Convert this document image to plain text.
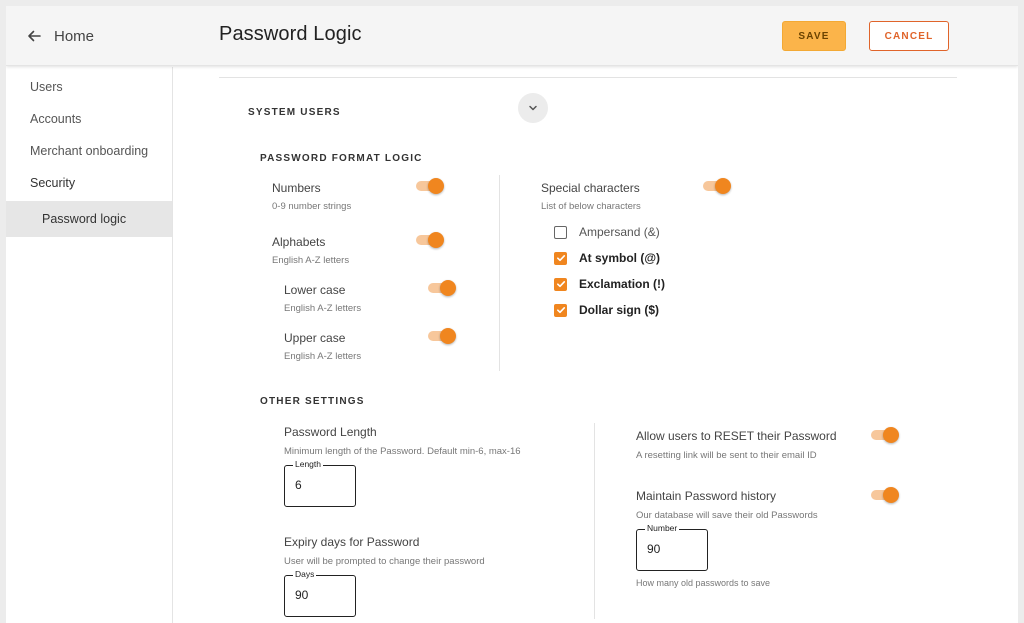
Home	Password Logic	SAVE	CANCEL
Users
Accounts
Merchant onboarding
Security
Password logic
SYSTEM USERS
PASSWORD FORMAT LOGIC
Numbers
0-9 number strings
Alphabets
English A-Z letters
Lower case
English A-Z letters
Upper case
English A-Z letters
Special characters
List of below characters
Ampersand (&)
At symbol (@)
Exclamation (!)
Dollar sign ($)
OTHER SETTINGS
Password Length
Minimum length of the Password. Default min-6, max-16
Length
6
Expiry days for Password
User will be prompted to change their password
Days
90
Allow users to RESET their Password
A resetting link will be sent to their email ID
Maintain Password history
Our database will save their old Passwords
Number
90
How many old passwords to save
